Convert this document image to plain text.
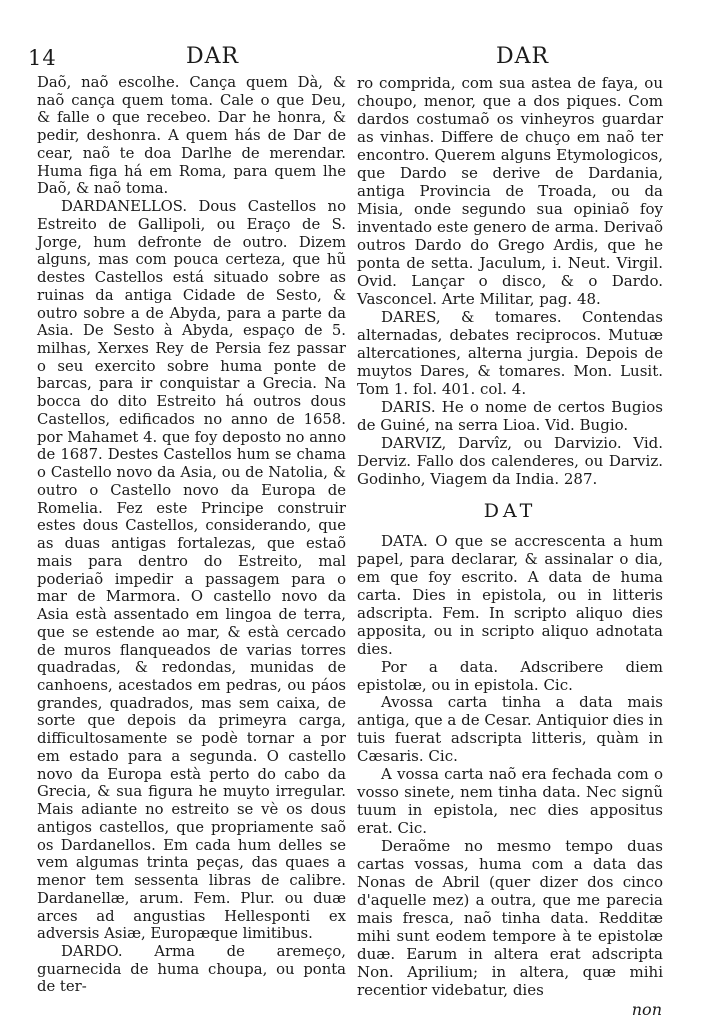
14	DAR	DAR

Daõ, naõ escolhe. Cança quem Dà, & naõ cança quem toma. Cale o que Deu, & falle o que recebeo. Dar he honra, & pedir, deshonra. A quem hás de Dar de cear, naõ te doa Darlhe de merendar. Huma figa há em Roma, para quem lhe Daõ, & naõ toma.

DARDANELLOS. Dous Castellos no Estreito de Gallipoli, ou Eraço de S. Jorge, hum defronte de outro. Dizem alguns, mas com pouca certeza, que hũ destes Castellos está situado sobre as ruinas da antiga Cidade de Sesto, & outro sobre a de Abyda, para a parte da Asia. De Sesto à Abyda, espaço de 5. milhas, Xerxes Rey de Persia fez passar o seu exercito sobre huma ponte de barcas, para ir conquistar a Grecia. Na bocca do dito Estreito há outros dous Castellos, edificados no anno de 1658. por Mahamet 4. que foy deposto no anno de 1687. Destes Castellos hum se chama o Castello novo da Asia, ou de Natolia, & outro o Castello novo da Europa de Romelia. Fez este Principe construir estes dous Castellos, considerando, que as duas antigas fortalezas, que estaõ mais para dentro do Estreito, mal poderiaõ impedir a passagem para o mar de Marmora. O castello novo da Asia està assentado em lingoa de terra, que se estende ao mar, & està cercado de muros flanqueados de varias torres quadradas, & redondas, munidas de canhoens, acestados em pedras, ou páos grandes, quadrados, mas sem caixa, de sorte que depois da primeyra carga, difficultosamente se podè tornar a por em estado para a segunda. O castello novo da Europa està perto do cabo da Grecia, & sua figura he muyto irregular. Mais adiante no estreito se vè os dous antigos castellos, que propriamente saõ os Dardanellos. Em cada hum delles se vem algumas trinta peças, das quaes a menor tem sessenta libras de calibre. Dardanellæ, arum. Fem. Plur. ou duæ arces ad angustias Hellesponti ex adversis Asiæ, Europæque limitibus.

DARDO. Arma de aremeço, guarnecida de huma choupa, ou ponta de ter-

ro comprida, com sua astea de faya, ou choupo, menor, que a dos piques. Com dardos costumaõ os vinheyros guardar as vinhas. Differe de chuço em naõ ter encontro. Querem alguns Etymologicos, que Dardo se derive de Dardania, antiga Provincia de Troada, ou da Misia, onde segundo sua opiniaõ foy inventado este genero de arma. Derivaõ outros Dardo do Grego Ardis, que he ponta de setta. Jaculum, i. Neut. Virgil. Ovid. Lançar o disco, & o Dardo. Vasconcel. Arte Militar, pag. 48.

DARES, & tomares. Contendas alternadas, debates reciprocos. Mutuæ altercationes, alterna jurgia. Depois de muytos Dares, & tomares. Mon. Lusit. Tom 1. fol. 401. col. 4.

DARIS. He o nome de certos Bugios de Guiné, na serra Lioa. Vid. Bugio.

DARVIZ, Darvîz, ou Darvizio. Vid. Derviz. Fallo dos calenderes, ou Darviz. Godinho, Viagem da India. 287.

DAT

DATA. O que se accrescenta a hum papel, para declarar, & assinalar o dia, em que foy escrito. A data de huma carta. Dies in epistola, ou in litteris adscripta. Fem. In scripto aliquo dies apposita, ou in scripto aliquo adnotata dies.

Por a data. Adscribere diem epistolæ, ou in epistola. Cic.

Avossa carta tinha a data mais antiga, que a de Cesar. Antiquior dies in tuis fuerat adscripta litteris, quàm in Cæsaris. Cic.

A vossa carta naõ era fechada com o vosso sinete, nem tinha data. Nec signũ tuum in epistola, nec dies appositus erat. Cic.

Deraõme no mesmo tempo duas cartas vossas, huma com a data das Nonas de Abril (quer dizer dos cinco d'aquelle mez) a outra, que me parecia mais fresca, naõ tinha data. Redditæ mihi sunt eodem tempore à te epistolæ duæ. Earum in altera erat adscripta Non. Aprilium; in altera, quæ mihi recentior videbatur, dies

non
